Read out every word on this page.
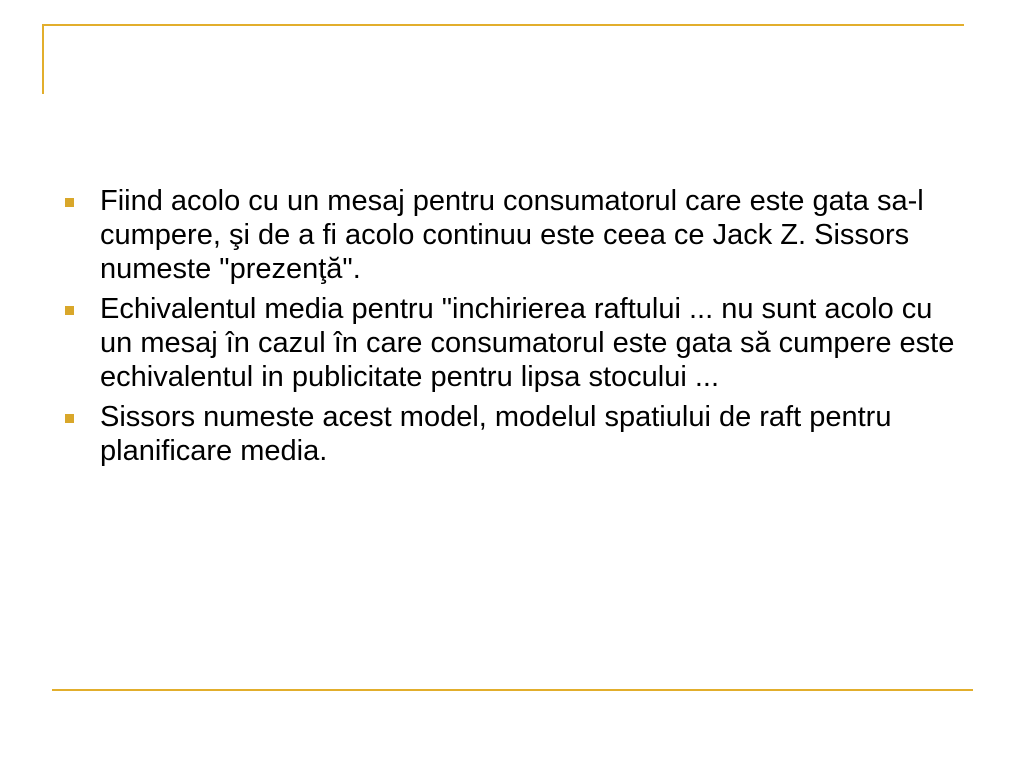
Fiind acolo cu un mesaj pentru consumatorul care este gata sa-l cumpere, şi de a fi acolo continuu este ceea ce Jack Z. Sissors numeste "prezenţă".
Echivalentul media pentru "inchirierea raftului ... nu sunt acolo cu un mesaj în cazul în care consumatorul este gata să cumpere este echivalentul in publicitate pentru lipsa stocului ...
Sissors numeste acest model, modelul spatiului de raft pentru planificare media.
